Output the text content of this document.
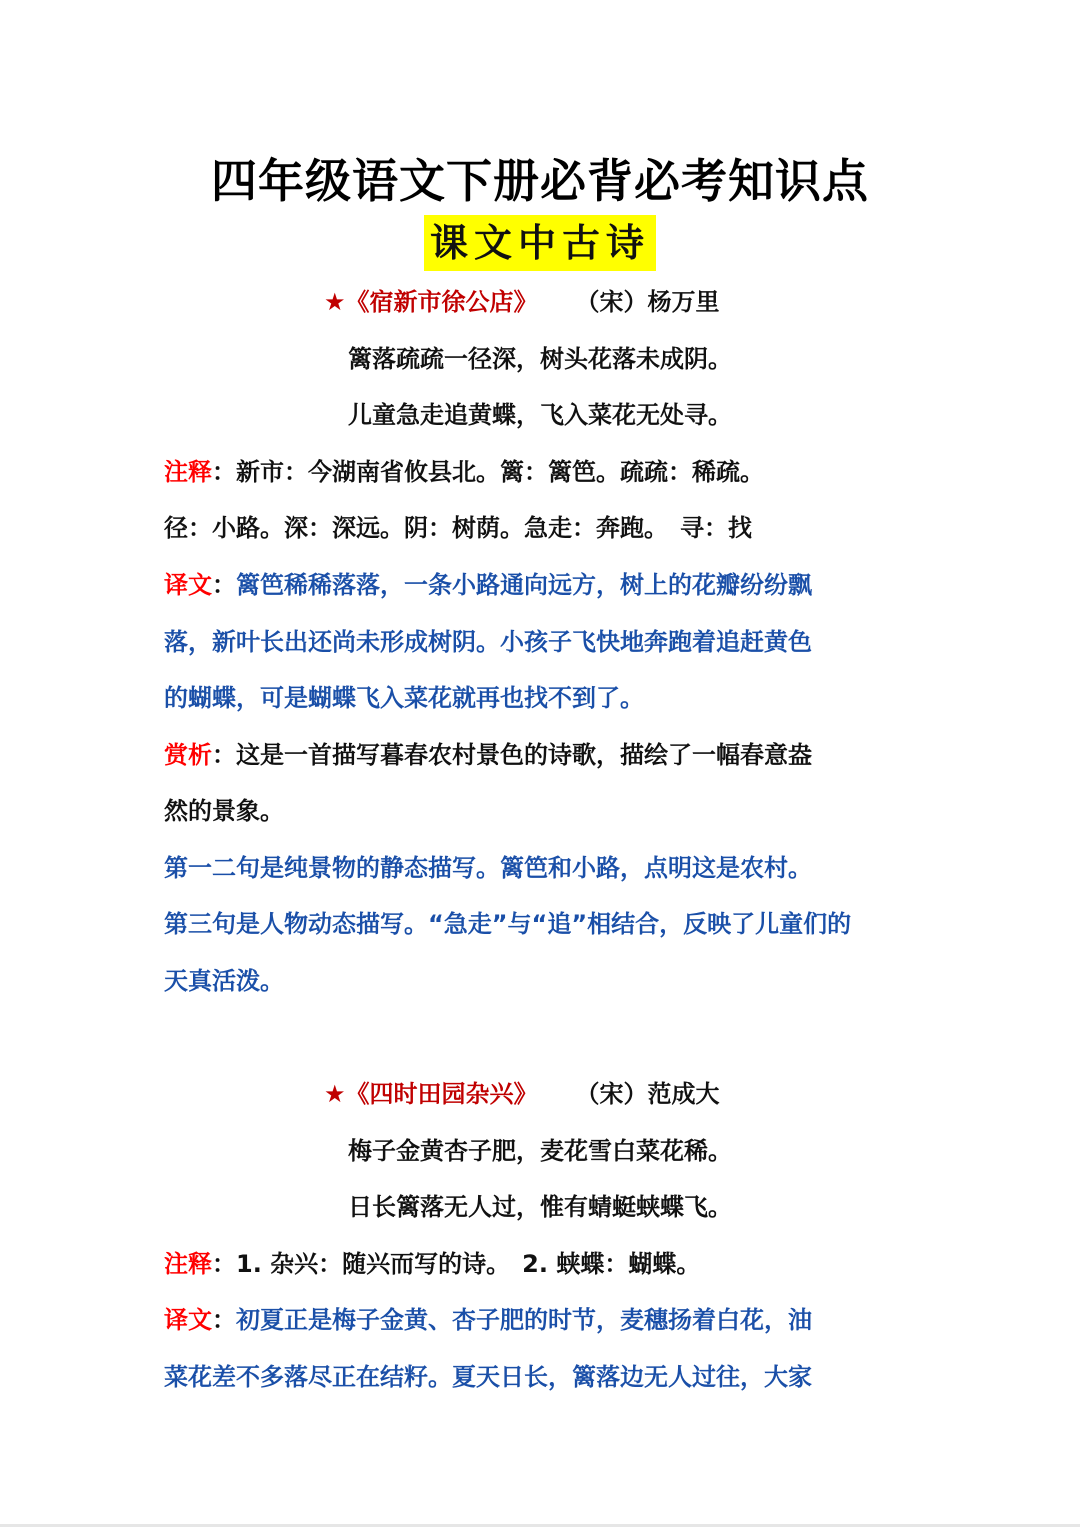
四年级语文下册必背必考知识点
课文中古诗
★《宿新市徐公店》 （宋）杨万里
篱落疏疏一径深，树头花落未成阴。
儿童急走追黄蝶，飞入菜花无处寻。
注释：新市：今湖南省攸县北。篱：篱笆。疏疏：稀疏。
径：小路。深：深远。阴：树荫。急走：奔跑。　寻：找
译文：篱笆稀稀落落，一条小路通向远方，树上的花瓣纷纷飘
落，新叶长出还尚未形成树阴。小孩子飞快地奔跑着追赶黄色
的蝴蝶，可是蝴蝶飞入菜花就再也找不到了。
赏析：这是一首描写暮春农村景色的诗歌，描绘了一幅春意盎
然的景象。
第一二句是纯景物的静态描写。篱笆和小路，点明这是农村。
第三句是人物动态描写。“急走”与“追”相结合，反映了儿童们的
天真活泼。
★《四时田园杂兴》 （宋）范成大
梅子金黄杏子肥，麦花雪白菜花稀。
日长篱落无人过，惟有蜻蜓蛱蝶飞。
注释：1. 杂兴：随兴而写的诗。　2. 蛱蝶：蝴蝶。
译文：初夏正是梅子金黄、杏子肥的时节，麦穗扬着白花，油
菜花差不多落尽正在结籽。夏天日长，篱落边无人过往，大家
